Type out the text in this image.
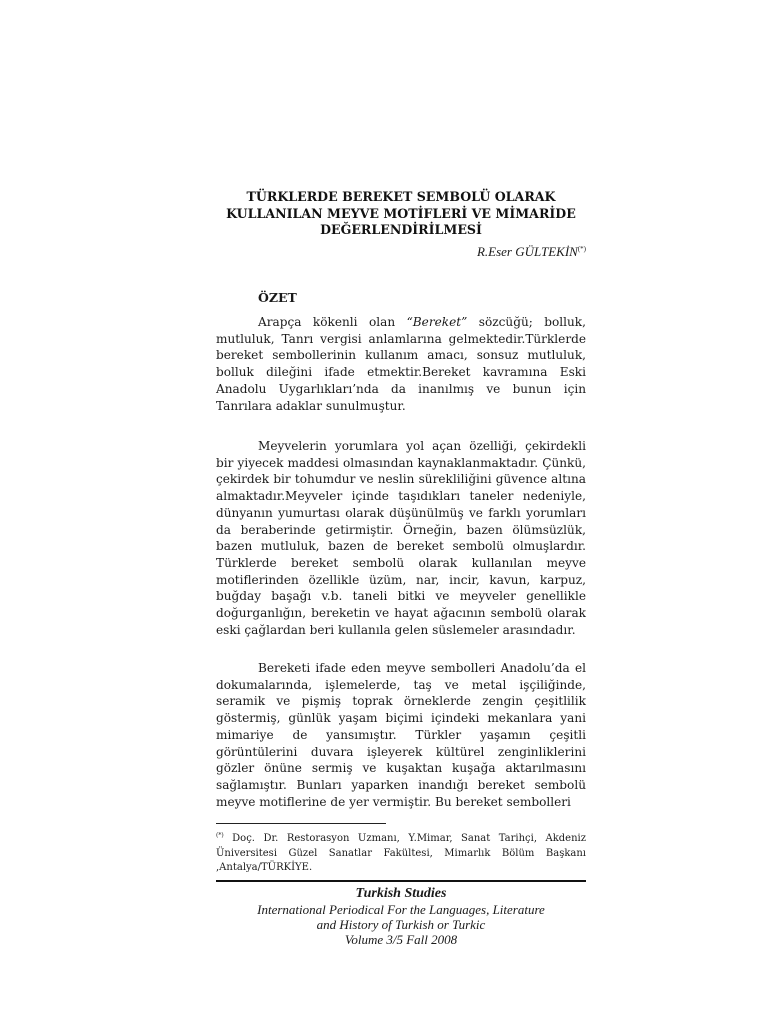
TÜRKLERDE BEREKET SEMBOLÜ OLARAK
KULLANILAN MEYVE MOTİFLERİ VE MİMARİDE
DEĞERLENDİRİLMESİ
R.Eser GÜLTEKİN(*)
ÖZET
Arapça kökenli olan “Bereket” sözcüğü; bolluk, mutluluk, Tanrı vergisi anlamlarına gelmektedir.Türklerde bereket sembollerinin kullanım amacı, sonsuz mutluluk, bolluk dileğini ifade etmektir.Bereket kavramına Eski Anadolu Uygarlıkları’nda da inanılmış ve bunun için Tanrılara adaklar sunulmuştur.
Meyvelerin yorumlara yol açan özelliği, çekirdekli bir yiyecek maddesi olmasından kaynaklanmaktadır. Çünkü, çekirdek bir tohumdur ve neslin sürekliliğini güvence altına almaktadır.Meyveler içinde taşıdıkları taneler nedeniyle, dünyanın yumurtası olarak düşünülmüş ve farklı yorumları da beraberinde getirmiştir. Örneğin, bazen ölümsüzlük, bazen mutluluk, bazen de bereket sembolü olmuşlardır. Türklerde bereket sembolü olarak kullanılan meyve motiflerinden özellikle üzüm, nar, incir, kavun, karpuz, buğday başağı v.b. taneli bitki ve meyveler genellikle doğurganlığın, bereketin ve hayat ağacının sembolü olarak eski çağlardan beri kullanıla gelen süslemeler arasındadır.
Bereketi ifade eden meyve sembolleri Anadolu’da el dokumalarında, işlemelerde, taş ve metal işçiliğinde, seramik ve pişmiş toprak örneklerde zengin çeşitlilik göstermiş, günlük yaşam biçimi içindeki mekanlara yani mimariye de yansımıştır. Türkler yaşamın çeşitli görüntülerini duvara işleyerek kültürel zenginliklerini gözler önüne sermiş ve kuşaktan kuşağa aktarılmasını sağlamıştır. Bunları yaparken inandığı bereket sembolü meyve motiflerine de yer vermiştir. Bu bereket sembolleri
(*) Doç. Dr. Restorasyon Uzmanı, Y.Mimar, Sanat Tarihçi, Akdeniz Üniversitesi Güzel Sanatlar Fakültesi, Mimarlık Bölüm Başkanı ,Antalya/TÜRKİYE.
Turkish Studies
International Periodical For the Languages, Literature
and History of Turkish or Turkic
Volume 3/5 Fall 2008
